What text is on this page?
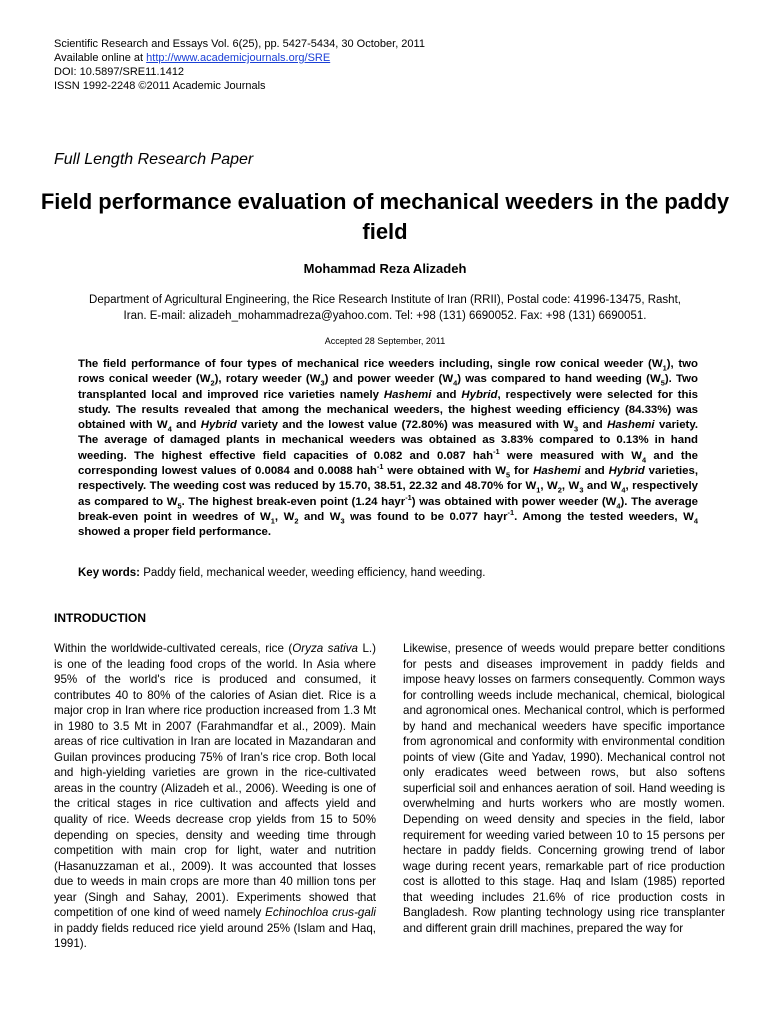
Scientific Research and Essays Vol. 6(25), pp. 5427-5434, 30 October, 2011
Available online at http://www.academicjournals.org/SRE
DOI: 10.5897/SRE11.1412
ISSN 1992-2248 ©2011 Academic Journals
Full Length Research Paper
Field performance evaluation of mechanical weeders in the paddy field
Mohammad Reza Alizadeh
Department of Agricultural Engineering, the Rice Research Institute of Iran (RRII), Postal code: 41996-13475, Rasht,
Iran. E-mail: alizadeh_mohammadreza@yahoo.com. Tel: +98 (131) 6690052. Fax: +98 (131) 6690051.
Accepted 28 September, 2011
The field performance of four types of mechanical rice weeders including, single row conical weeder $(W_1)$, two rows conical weeder $(W_2)$, rotary weeder $(W_3)$ and power weeder $(W_4)$ was compared to hand weeding $(W_5)$. Two transplanted local and improved rice varieties namely Hashemi and Hybrid, respectively were selected for this study. The results revealed that among the mechanical weeders, the highest weeding efficiency (84.33%) was obtained with $W_4$ and Hybrid variety and the lowest value (72.80%) was measured with $W_3$ and Hashemi variety. The average of damaged plants in mechanical weeders was obtained as 3.83% compared to 0.13% in hand weeding. The highest effective field capacities of 0.082 and 0.087 hah$^{-1}$ were measured with $W_4$ and the corresponding lowest values of 0.0084 and 0.0088 hah$^{-1}$ were obtained with $W_5$ for Hashemi and Hybrid varieties, respectively. The weeding cost was reduced by 15.70, 38.51, 22.32 and 48.70% for $W_1$, $W_2$, $W_3$ and $W_4$, respectively as compared to $W_5$. The highest break-even point (1.24 hayr$^{-1}$) was obtained with power weeder $(W_4)$. The average break-even point in weedres of $W_1$, $W_2$ and $W_3$ was found to be 0.077 hayr$^{-1}$. Among the tested weeders, $W_4$ showed a proper field performance.
Key words: Paddy field, mechanical weeder, weeding efficiency, hand weeding.
INTRODUCTION
Within the worldwide-cultivated cereals, rice (Oryza sativa L.) is one of the leading food crops of the world. In Asia where 95% of the world's rice is produced and consumed, it contributes 40 to 80% of the calories of Asian diet. Rice is a major crop in Iran where rice production increased from 1.3 Mt in 1980 to 3.5 Mt in 2007 (Farahmandfar et al., 2009). Main areas of rice cultivation in Iran are located in Mazandaran and Guilan provinces producing 75% of Iran’s rice crop. Both local and high-yielding varieties are grown in the rice-cultivated areas in the country (Alizadeh et al., 2006). Weeding is one of the critical stages in rice cultivation and affects yield and quality of rice. Weeds decrease crop yields from 15 to 50% depending on species, density and weeding time through competition with main crop for light, water and nutrition (Hasanuzzaman et al., 2009). It was accounted that losses due to weeds in main crops are more than 40 million tons per year (Singh and Sahay, 2001). Experiments showed that competition of one kind of weed namely Echinochloa crus-gali in paddy fields reduced rice yield around 25% (Islam and Haq, 1991).
Likewise, presence of weeds would prepare better conditions for pests and diseases improvement in paddy fields and impose heavy losses on farmers consequently. Common ways for controlling weeds include mechanical, chemical, biological and agronomical ones. Mechanical control, which is performed by hand and mechanical weeders have specific importance from agronomical and conformity with environmental condition points of view (Gite and Yadav, 1990). Mechanical control not only eradicates weed between rows, but also softens superficial soil and enhances aeration of soil. Hand weeding is overwhelming and hurts workers who are mostly women. Depending on weed density and species in the field, labor requirement for weeding varied between 10 to 15 persons per hectare in paddy fields. Concerning growing trend of labor wage during recent years, remarkable part of rice production cost is allotted to this stage. Haq and Islam (1985) reported that weeding includes 21.6% of rice production costs in Bangladesh. Row planting technology using rice transplanter and different grain drill machines, prepared the way for
